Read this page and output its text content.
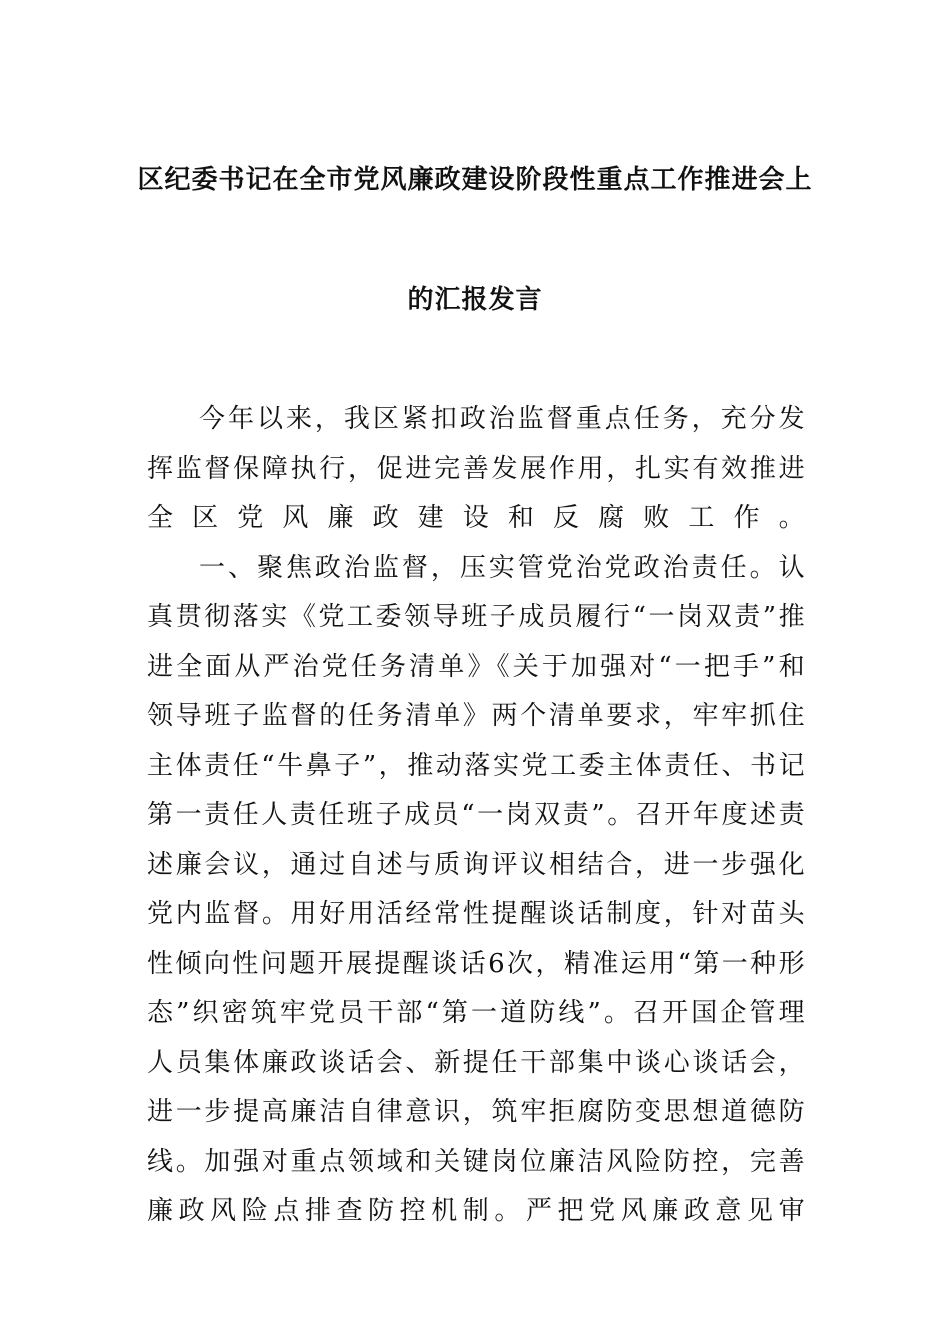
区纪委书记在全市党风廉政建设阶段性重点工作推进会上
的汇报发言

今年以来，我区紧扣政治监督重点任务，充分发挥监督保障执行，促进完善发展作用，扎实有效推进全区党风廉政建设和反腐败工作。

一、聚焦政治监督，压实管党治党政治责任。认真贯彻落实《党工委领导班子成员履行“一岗双责”推进全面从严治党任务清单》《关于加强对“一把手”和领导班子监督的任务清单》两个清单要求，牢牢抓住主体责任“牛鼻子”，推动落实党工委主体责任、书记第一责任人责任班子成员“一岗双责”。召开年度述责述廉会议，通过自述与质询评议相结合，进一步强化党内监督。用好用活经常性提醒谈话制度，针对苗头性倾向性问题开展提醒谈话6次，精准运用“第一种形态”织密筑牢党员干部“第一道防线”。召开国企管理人员集体廉政谈话会、新提任干部集中谈心谈话会，进一步提高廉洁自律意识，筑牢拒腐防变思想道德防线。加强对重点领域和关键岗位廉洁风险防控，完善廉政风险点排查防控机制。严把党风廉政意见审
